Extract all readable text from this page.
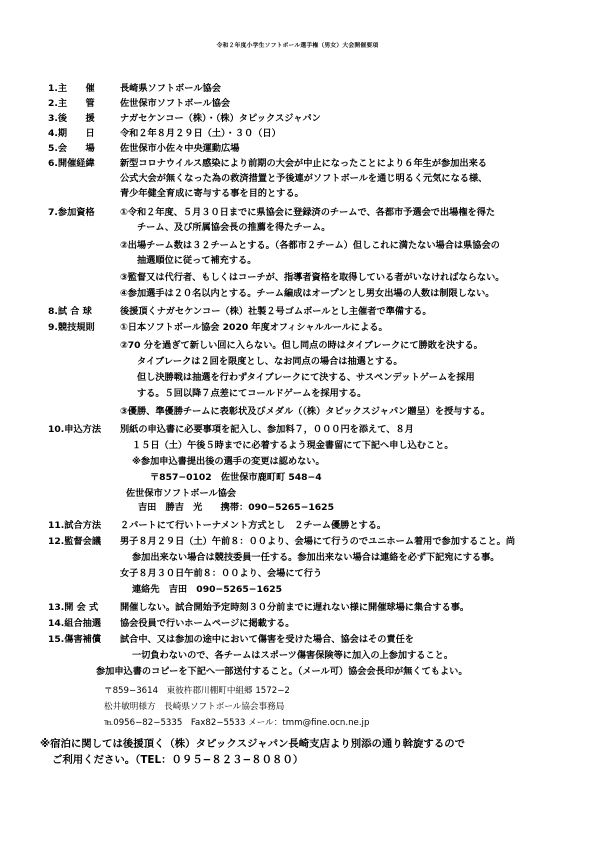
令和２年度小学生ソフトボール選手権（男女）大会開催要項
1.主　　催	長崎県ソフトボール協会
2.主　　管	佐世保市ソフトボール協会
3.後　　援	ナガセケンコー（株）・（株）タピックスジャパン
4.期　　日	令和２年８月２９日（土）・３０（日）
5.会　　場	佐世保市小佐々中央運動広場
6.開催経緯	新型コロナウイルス感染により前期の大会が中止になったことにより６年生が参加出来る
公式大会が無くなった為の救済措置と予後連がソフトボールを通じ明るく元気になる様、
青少年健全育成に寄与する事を目的とする。
7.参加資格	①令和２年度、５月３０日までに県協会に登録済のチームで、各都市予選会で出場権を得た
チーム、及び所属協会長の推薦を得たチーム。
②出場チーム数は３２チームとする。（各都市２チーム）但しこれに満たない場合は県協会の
抽選順位に従って補充する。
③監督又は代行者、もしくはコーチが、指導者資格を取得している者がいなければならない。
④参加選手は２０名以内とする。チーム編成はオープンとし男女出場の人数は制限しない。
8.試 合 球	後援頂くナガセケンコー（株）社製２号ゴムボールとし主催者で準備する。
9.競技規則	①日本ソフトボール協会 2020 年度オフィシャルルールによる。
②70 分を過ぎて新しい回に入らない。但し同点の時はタイブレークにて勝敗を決する。
タイブレークは２回を限度とし、なお同点の場合は抽選とする。
但し決勝戦は抽選を行わずタイブレークにて決する、サスペンデットゲームを採用
する。５回以降７点差にてコールドゲームを採用する。
③優勝、準優勝チームに表彰状及びメダル（（株）タピックスジャパン贈呈）を授与する。
10.申込方法 別紙の申込書に必要事項を記入し、参加料７，０００円を添えて、８月
１５日（土）午後５時までに必着するよう現金書留にて下記へ申し込むこと。
※参加申込書提出後の選手の変更は認めない。
〒857−0102　佐世保市鹿町町 548−4
佐世保市ソフトボール協会
吉田　勝吉　光　　携帯：090−5265−1625
11.試合方法 ２パートにて行いトーナメント方式とし　２チーム優勝とする。
12.監督会議 男子８月２９日（土）午前８：００より、会場にて行うのでユニホーム着用で参加すること。尚
参加出来ない場合は競技委員一任する。参加出来ない場合は連絡を必ず下記宛にする事。
女子８月３０日午前８：００より、会場にて行う
連絡先　吉田　090−5265−1625
13.開 会 式 開催しない。試合開始予定時刻３０分前までに遅れない様に開催球場に集合する事。
14.組合抽選 協会役員で行いホームページに掲載する。
15.傷害補償 試合中、又は参加の途中において傷害を受けた場合、協会はその責任を
一切負わないので、各チームはスポーツ傷害保険等に加入の上参加すること。
参加申込書のコピーを下記へ一部送付すること。（メール可）協会会長印が無くてもよい。
〒859−3614　東彼杵郡川棚町中組郷 1572−2
松井敏明様方　長崎県ソフトボール協会事務局
℡0956−82−5335　Fax82−5533 メール：tmm@fine.ocn.ne.jp
※宿泊に関しては後援頂く（株）タピックスジャパン長崎支店より別添の通り斡旋するので
ご利用ください。（TEL：０９５−８２３−８０８０）
